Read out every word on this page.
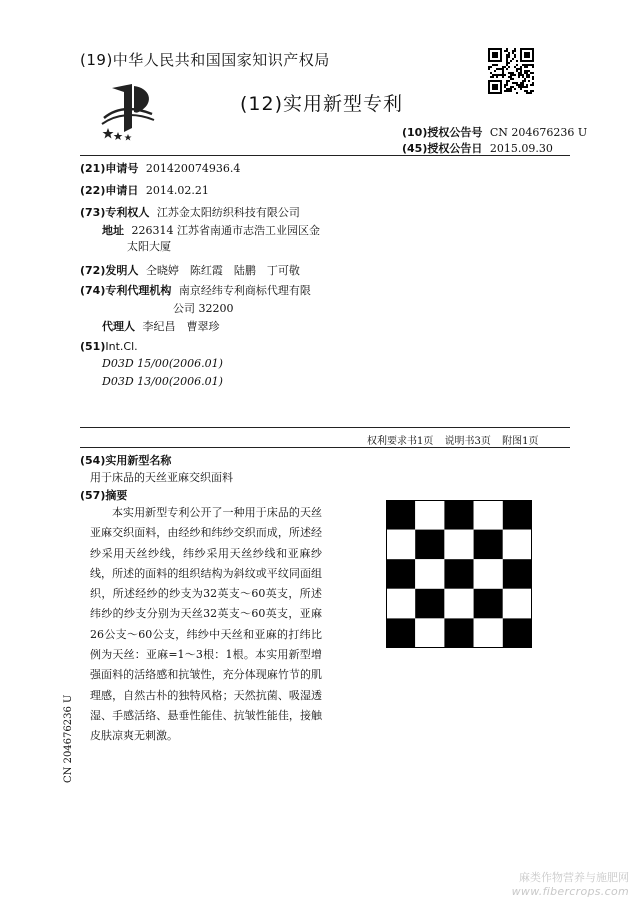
(19)中华人民共和国国家知识产权局
(12)实用新型专利
(10)授权公告号 CN 204676236 U
(45)授权公告日 2015.09.30
(21)申请号 201420074936.4
(22)申请日 2014.02.21
(73)专利权人 江苏金太阳纺织科技有限公司
地址 226314 江苏省南通市志浩工业园区金
太阳大厦
(72)发明人 仝晓婷　陈红霞　陆鹏　丁可敬
(74)专利代理机构 南京经纬专利商标代理有限
公司 32200
代理人 李纪昌　曹翠珍
(51)Int.Cl.
D03D 15/00(2006.01)
D03D 13/00(2006.01)
权利要求书1页 说明书3页 附图1页
(54)实用新型名称
用于床品的天丝亚麻交织面料
(57)摘要

本实用新型专利公开了一种用于床品的天丝亚麻交织面料，由经纱和纬纱交织而成，所述经纱采用天丝纱线，纬纱采用天丝纱线和亚麻纱线，所述的面料的组织结构为斜纹或平纹同面组织，所述经纱的纱支为32英支～60英支，所述纬纱的纱支分别为天丝32英支～60英支，亚麻26公支～60公支，纬纱中天丝和亚麻的打纬比例为天丝：亚麻=1～3根：1根。本实用新型增强面料的活络感和抗皱性，充分体现麻竹节的肌理感，自然古朴的独特风格；天然抗菌、吸湿透湿、手感活络、悬垂性能佳、抗皱性能佳，接触皮肤凉爽无刺激。

CN 204676236 U
麻类作物营养与施肥网
www.fibercrops.com
